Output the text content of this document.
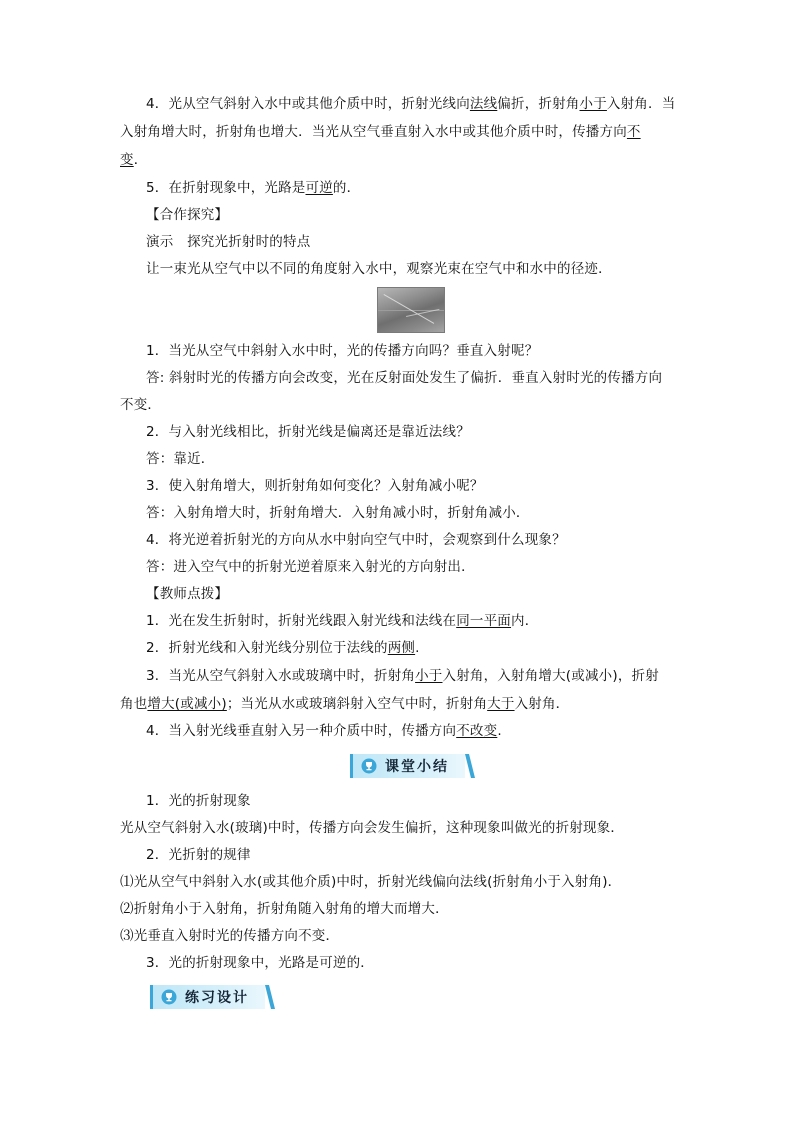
4．光从空气斜射入水中或其他介质中时，折射光线向法线偏折，折射角小于入射角．当
入射角增大时，折射角也增大．当光从空气垂直射入水中或其他介质中时，传播方向不
变．
5．在折射现象中，光路是可逆的．
【合作探究】
演示　探究光折射时的特点
让一束光从空气中以不同的角度射入水中，观察光束在空气中和水中的径迹．
1．当光从空气中斜射入水中时，光的传播方向吗？垂直入射呢？
答: 斜射时光的传播方向会改变，光在反射面处发生了偏折．垂直入射时光的传播方向
不变．
2．与入射光线相比，折射光线是偏离还是靠近法线？
答：靠近．
3．使入射角增大，则折射角如何变化？入射角减小呢？
答：入射角增大时，折射角增大．入射角减小时，折射角减小．
4．将光逆着折射光的方向从水中射向空气中时，会观察到什么现象？
答：进入空气中的折射光逆着原来入射光的方向射出．
【教师点拨】
1．光在发生折射时，折射光线跟入射光线和法线在同一平面内．
2．折射光线和入射光线分别位于法线的两侧.
3．当光从空气斜射入水或玻璃中时，折射角小于入射角，入射角增大(或减小)，折射
角也增大(或减小)；当光从水或玻璃斜射入空气中时，折射角大于入射角．
4．当入射光线垂直射入另一种介质中时，传播方向不改变.
课堂小结
1．光的折射现象
光从空气斜射入水(玻璃)中时，传播方向会发生偏折，这种现象叫做光的折射现象．
2．光折射的规律
⑴光从空气中斜射入水(或其他介质)中时，折射光线偏向法线(折射角小于入射角)．
⑵折射角小于入射角，折射角随入射角的增大而增大．
⑶光垂直入射时光的传播方向不变．
3．光的折射现象中，光路是可逆的．
练习设计
